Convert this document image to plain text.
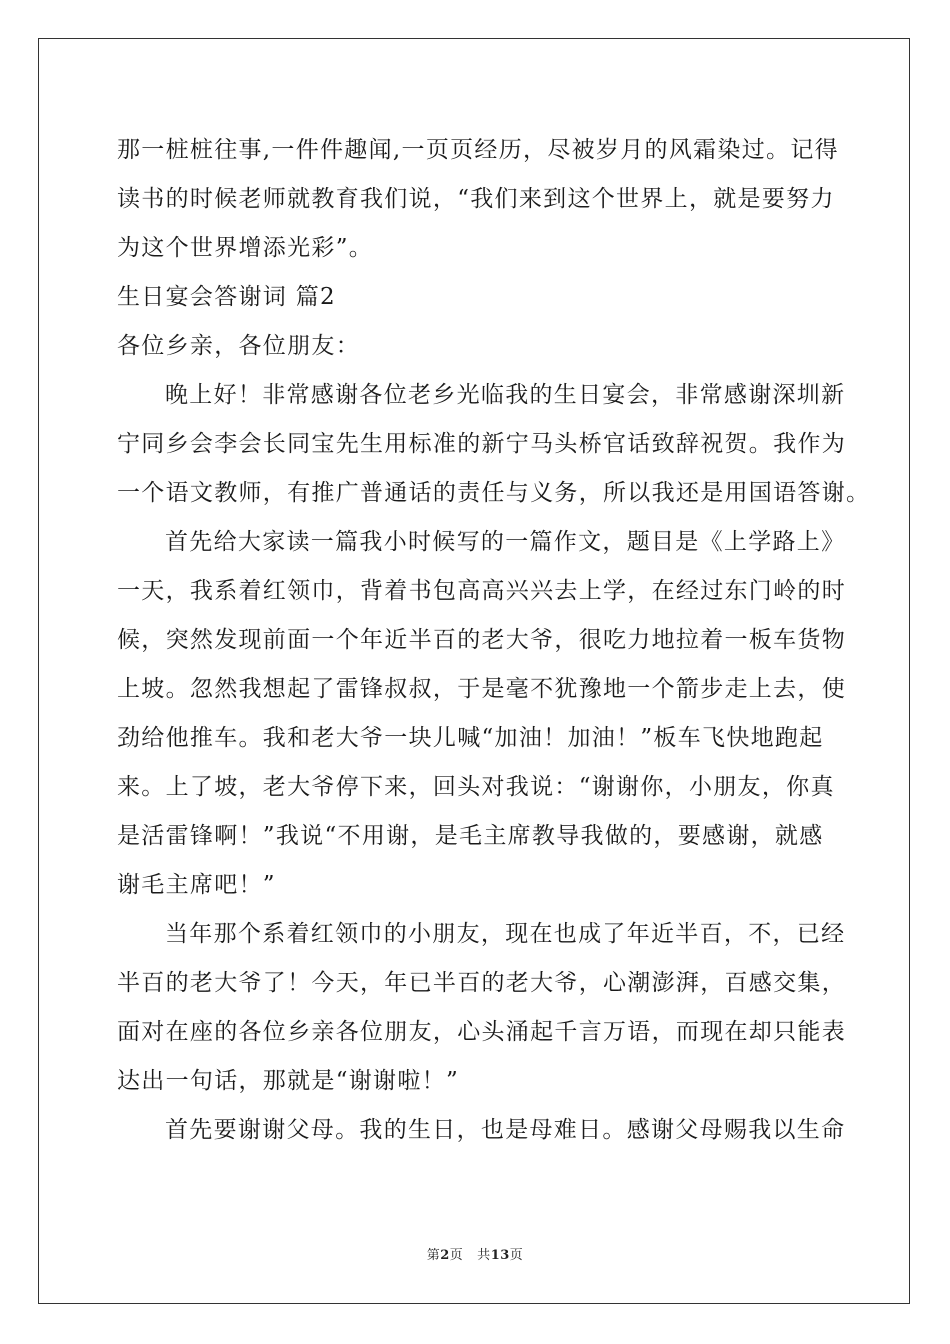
那一桩桩往事,一件件趣闻,一页页经历，尽被岁月的风霜染过。记得
读书的时候老师就教育我们说，“我们来到这个世界上，就是要努力
为这个世界增添光彩”。
生日宴会答谢词 篇2
各位乡亲，各位朋友：
晚上好！非常感谢各位老乡光临我的生日宴会，非常感谢深圳新
宁同乡会李会长同宝先生用标准的新宁马头桥官话致辞祝贺。我作为
一个语文教师，有推广普通话的责任与义务，所以我还是用国语答谢。
首先给大家读一篇我小时候写的一篇作文，题目是《上学路上》
一天，我系着红领巾，背着书包高高兴兴去上学，在经过东门岭的时
候，突然发现前面一个年近半百的老大爷，很吃力地拉着一板车货物
上坡。忽然我想起了雷锋叔叔，于是毫不犹豫地一个箭步走上去，使
劲给他推车。我和老大爷一块儿喊“加油！加油！”板车飞快地跑起
来。上了坡，老大爷停下来，回头对我说：“谢谢你，小朋友，你真
是活雷锋啊！”我说“不用谢，是毛主席教导我做的，要感谢，就感
谢毛主席吧！”
当年那个系着红领巾的小朋友，现在也成了年近半百，不，已经
半百的老大爷了！今天，年已半百的老大爷，心潮澎湃，百感交集，
面对在座的各位乡亲各位朋友，心头涌起千言万语，而现在却只能表
达出一句话，那就是“谢谢啦！”
首先要谢谢父母。我的生日，也是母难日。感谢父母赐我以生命
第2页 共13页
